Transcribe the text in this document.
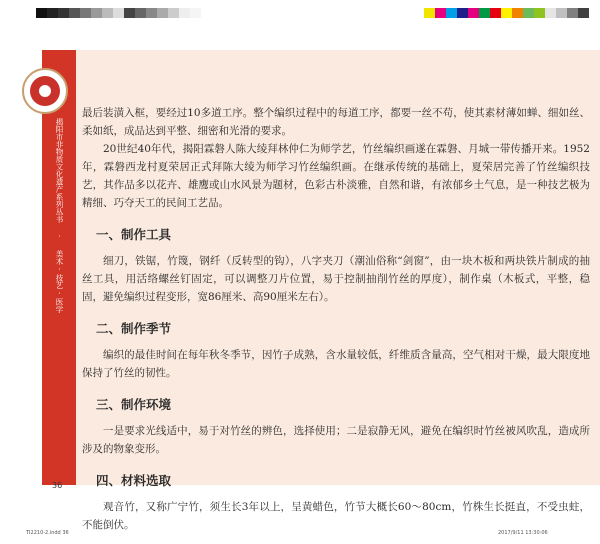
揭阳市非物质文化遗产系列丛书 · 美术·技艺·医学

最后装潢入框，要经过10多道工序。整个编织过程中的每道工序，都要一丝不苟，使其素材薄如蝉、细如丝、柔如纸，成品达到平整、细密和光滑的要求。

20世纪40年代，揭阳霖磐人陈大绫拜林仲仁为师学艺，竹丝编织画遂在霖磐、月城一带传播开来。1952年，霖磐西龙村夏荣居正式拜陈大绫为师学习竹丝编织画。在继承传统的基础上，夏荣居完善了竹丝编织技艺，其作品多以花卉、雄鹰或山水风景为题材，色彩古朴淡雅，自然和谐，有浓郁乡土气息，是一种技艺极为精细、巧夺天工的民间工艺品。

一、制作工具

细刀，铁锯，竹篾，钢纤（反转型的钩），八字夹刀（潮汕俗称“剑窗”，由一块木板和两块铁片制成的抽丝工具，用活络螺丝钉固定，可以调整刀片位置，易于控制抽削竹丝的厚度），制作桌（木板式，平整，稳固，避免编织过程变形，宽86厘米、高90厘米左右）。

二、制作季节

编织的最佳时间在每年秋冬季节，因竹子成熟，含水量较低，纤维质含量高，空气相对干燥，最大限度地保持了竹丝的韧性。

三、制作环境

一是要求光线适中，易于对竹丝的辨色，选择使用；二是寂静无风，避免在编织时竹丝被风吹乱，造成所涉及的物象变形。

四、材料选取

观音竹，又称广宁竹，须生长3年以上，呈黄蜡色，竹节大概长60～80cm，竹株生长挺直，不受虫蛀，不能倒伏。

36
TI2210-2.indd 36	2017/9/11 13:30:06
